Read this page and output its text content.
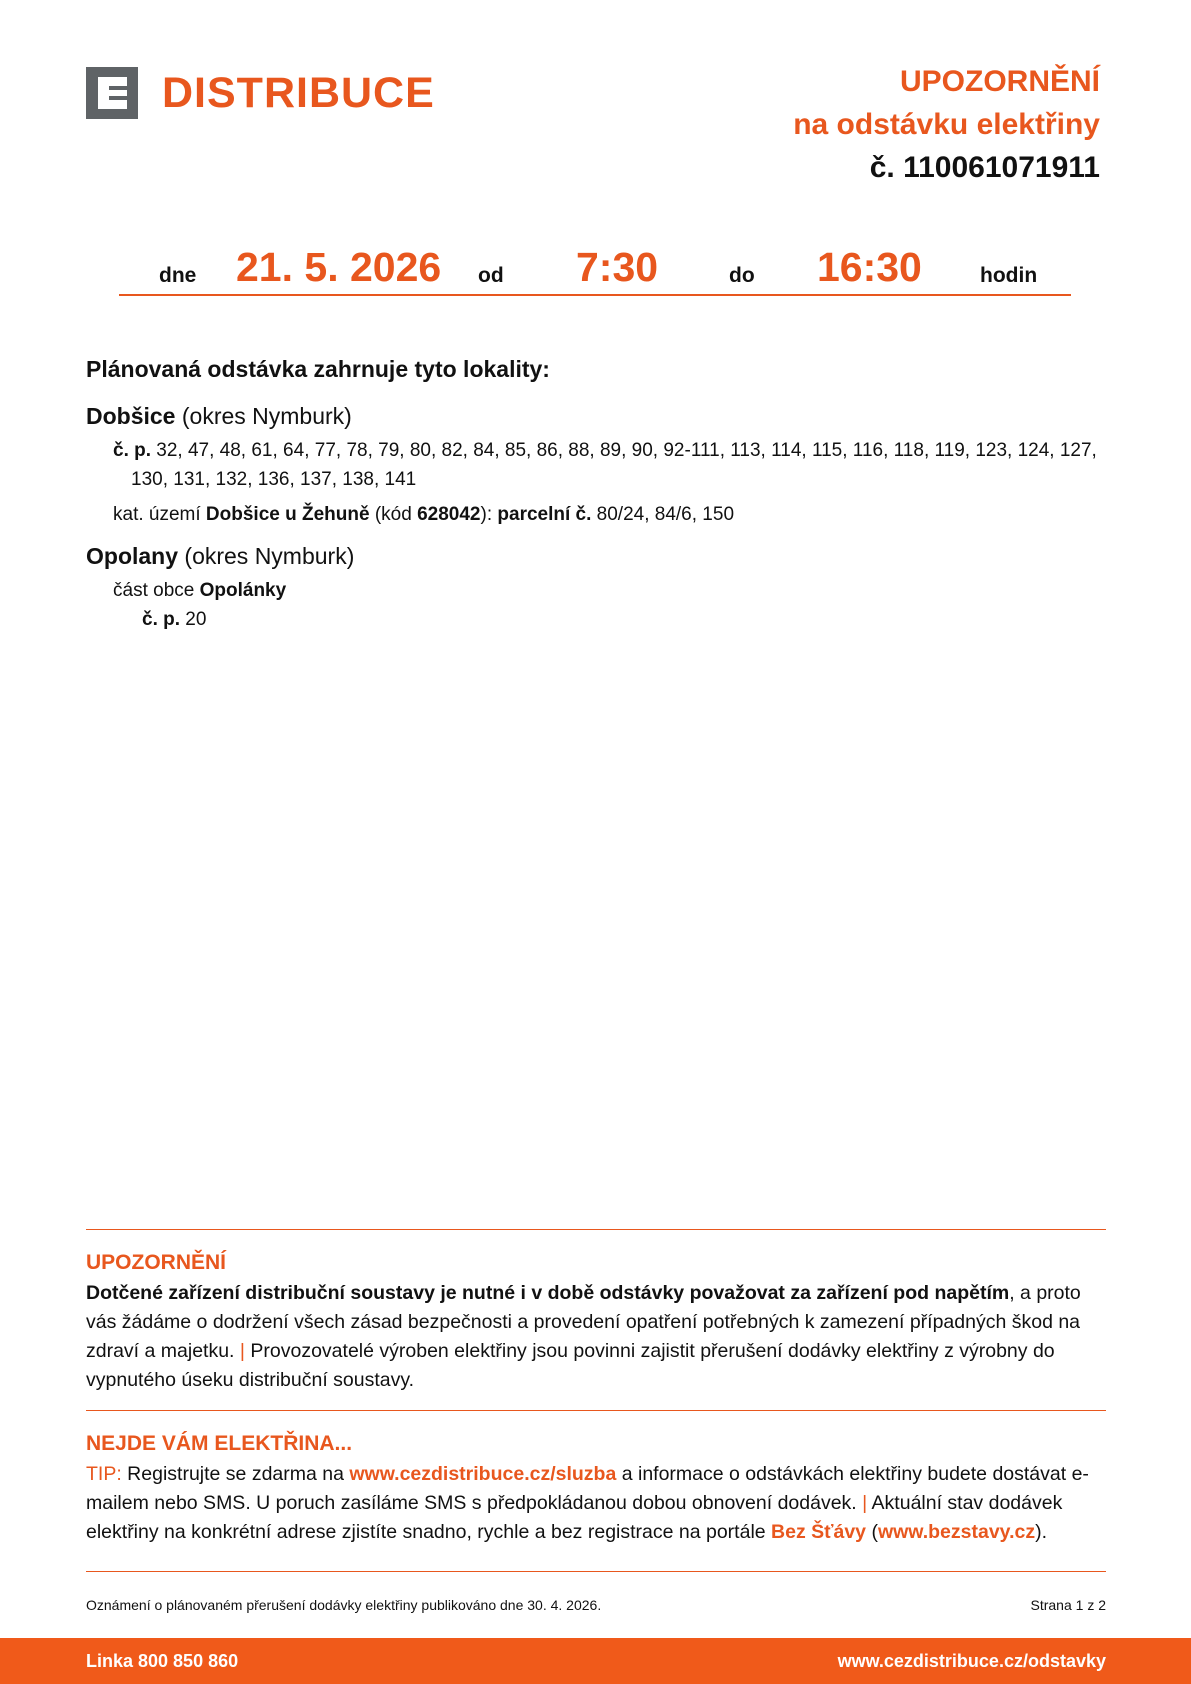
DISTRIBUCE	UPOZORNĚNÍ
na odstávku elektřiny
č. 110061071911
dne 21. 5. 2026 od 7:30	do 16:30	hodin
Plánovaná odstávka zahrnuje tyto lokality:
Dobšice (okres Nymburk)
č. p. 32, 47, 48, 61, 64, 77, 78, 79, 80, 82, 84, 85, 86, 88, 89, 90, 92-111, 113, 114, 115, 116, 118, 119, 123, 124, 127, 130, 131, 132, 136, 137, 138, 141
kat. území Dobšice u Žehuně (kód 628042): parcelní č. 80/24, 84/6, 150
Opolany (okres Nymburk)
část obce Opolánky
č. p. 20
UPOZORNĚNÍ
Dotčené zařízení distribuční soustavy je nutné i v době odstávky považovat za zařízení pod napětím, a proto vás žádáme o dodržení všech zásad bezpečnosti a provedení opatření potřebných k zamezení případných škod na zdraví a majetku. | Provozovatelé výroben elektřiny jsou povinni zajistit přerušení dodávky elektřiny z výrobny do vypnutého úseku distribuční soustavy.
NEJDE VÁM ELEKTŘINA...
TIP: Registrujte se zdarma na www.cezdistribuce.cz/sluzba a informace o odstávkách elektřiny budete dostávat e-mailem nebo SMS. U poruch zasíláme SMS s předpokládanou dobou obnovení dodávek. | Aktuální stav dodávek elektřiny na konkrétní adrese zjistíte snadno, rychle a bez registrace na portále Bez Šťávy (www.bezstavy.cz).
Oznámení o plánovaném přerušení dodávky elektřiny publikováno dne 30. 4. 2026.	Strana 1 z 2
Linka 800 850 860	www.cezdistribuce.cz/odstavky
